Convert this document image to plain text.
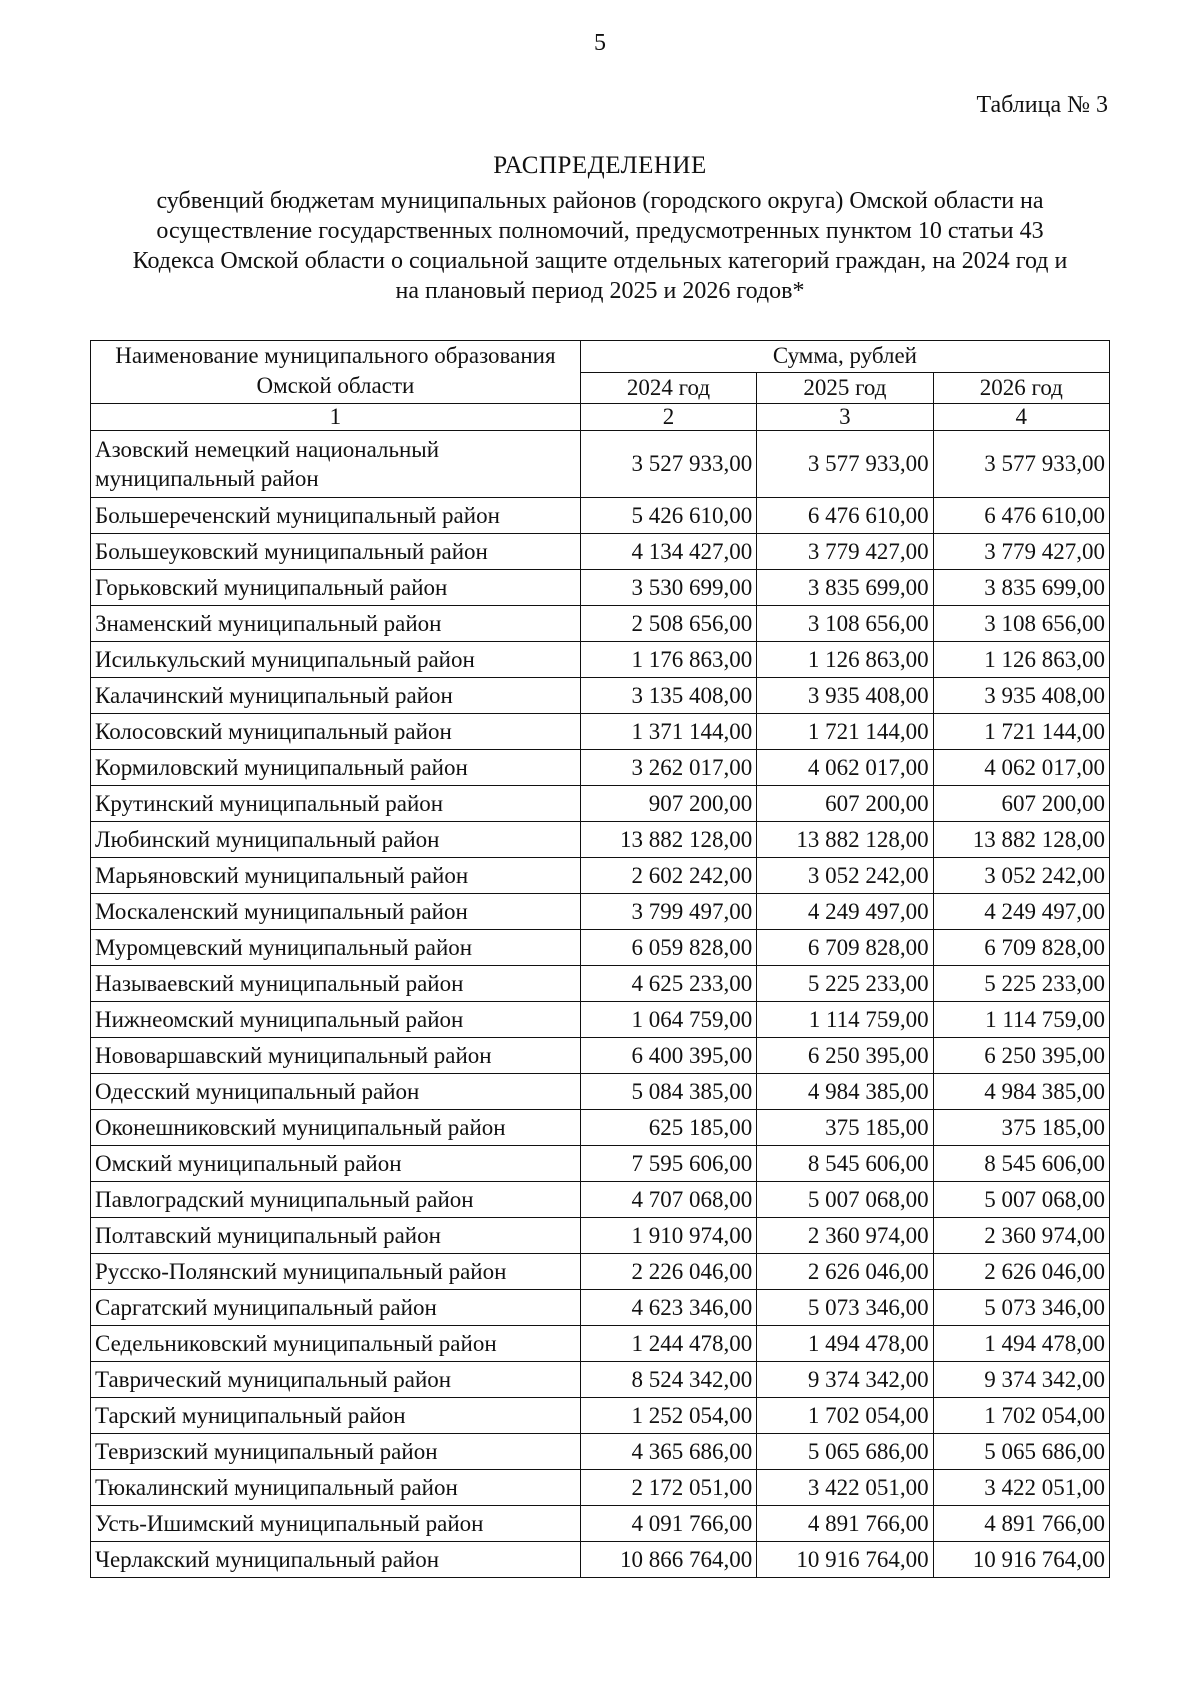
5
Таблица № 3
РАСПРЕДЕЛЕНИЕ
субвенций бюджетам муниципальных районов (городского округа) Омской области на осуществление государственных полномочий, предусмотренных пунктом 10 статьи 43 Кодекса Омской области о социальной защите отдельных категорий граждан, на 2024 год и на плановый период 2025 и 2026 годов*
Наименование муниципального образования Омской области	Сумма, рублей		
	2024 год	2025 год	2026 год
1	2	3	4
Азовский немецкий национальный муниципальный район	3 527 933,00	3 577 933,00	3 577 933,00
Большереченский муниципальный район	5 426 610,00	6 476 610,00	6 476 610,00
Большеуковский муниципальный район	4 134 427,00	3 779 427,00	3 779 427,00
Горьковский муниципальный район	3 530 699,00	3 835 699,00	3 835 699,00
Знаменский муниципальный район	2 508 656,00	3 108 656,00	3 108 656,00
Исилькульский муниципальный район	1 176 863,00	1 126 863,00	1 126 863,00
Калачинский муниципальный район	3 135 408,00	3 935 408,00	3 935 408,00
Колосовский муниципальный район	1 371 144,00	1 721 144,00	1 721 144,00
Кормиловский муниципальный район	3 262 017,00	4 062 017,00	4 062 017,00
Крутинский муниципальный район	907 200,00	607 200,00	607 200,00
Любинский муниципальный район	13 882 128,00	13 882 128,00	13 882 128,00
Марьяновский муниципальный район	2 602 242,00	3 052 242,00	3 052 242,00
Москаленский муниципальный район	3 799 497,00	4 249 497,00	4 249 497,00
Муромцевский муниципальный район	6 059 828,00	6 709 828,00	6 709 828,00
Называевский муниципальный район	4 625 233,00	5 225 233,00	5 225 233,00
Нижнеомский муниципальный район	1 064 759,00	1 114 759,00	1 114 759,00
Нововаршавский муниципальный район	6 400 395,00	6 250 395,00	6 250 395,00
Одесский муниципальный район	5 084 385,00	4 984 385,00	4 984 385,00
Оконешниковский муниципальный район	625 185,00	375 185,00	375 185,00
Омский муниципальный район	7 595 606,00	8 545 606,00	8 545 606,00
Павлоградский муниципальный район	4 707 068,00	5 007 068,00	5 007 068,00
Полтавский муниципальный район	1 910 974,00	2 360 974,00	2 360 974,00
Русско-Полянский муниципальный район	2 226 046,00	2 626 046,00	2 626 046,00
Саргатский муниципальный район	4 623 346,00	5 073 346,00	5 073 346,00
Седельниковский муниципальный район	1 244 478,00	1 494 478,00	1 494 478,00
Таврический муниципальный район	8 524 342,00	9 374 342,00	9 374 342,00
Тарский муниципальный район	1 252 054,00	1 702 054,00	1 702 054,00
Тевризский муниципальный район	4 365 686,00	5 065 686,00	5 065 686,00
Тюкалинский муниципальный район	2 172 051,00	3 422 051,00	3 422 051,00
Усть-Ишимский муниципальный район	4 091 766,00	4 891 766,00	4 891 766,00
Черлакский муниципальный район	10 866 764,00	10 916 764,00	10 916 764,00
